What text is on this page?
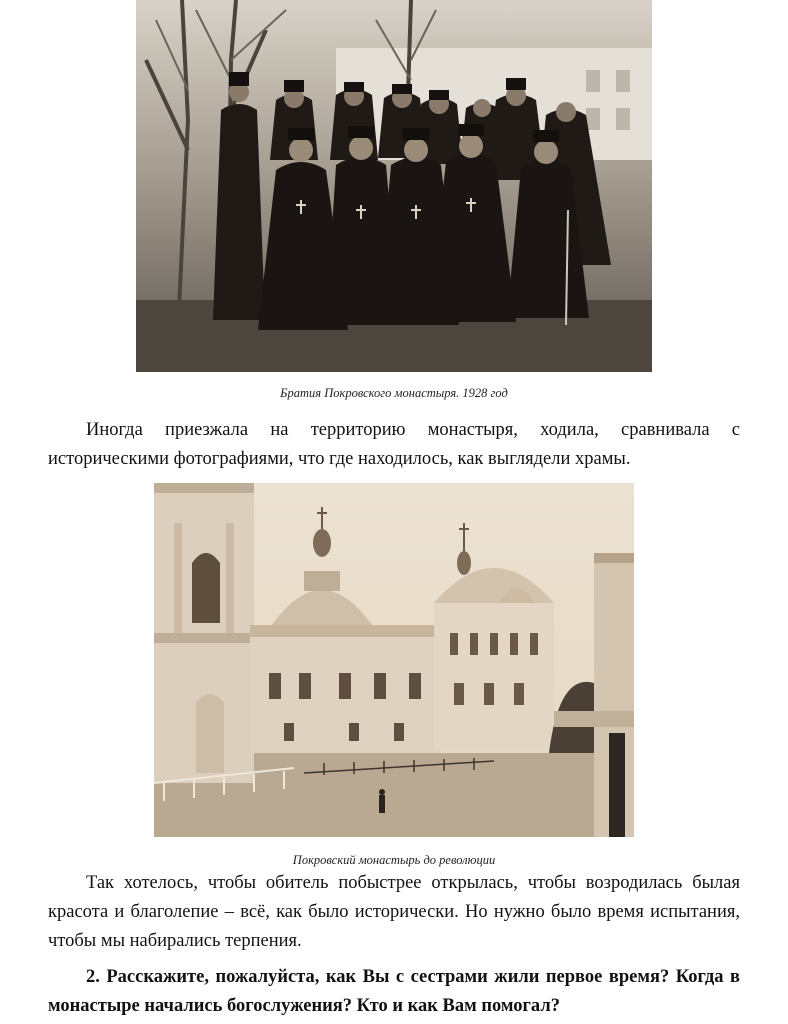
Братия Покровского монастыря. 1928 год

Иногда приезжала на территорию монастыря, ходила, сравнивала с историческими фотографиями, что где находилось, как выглядели храмы.

Покровский монастырь до революции

Так хотелось, чтобы обитель побыстрее открылась, чтобы возродилась былая красота и благолепие – всё, как было исторически. Но нужно было время испытания, чтобы мы набирались терпения.

2. Расскажите, пожалуйста, как Вы с сестрами жили первое время? Когда в монастыре начались богослужения? Кто и как Вам помогал?
